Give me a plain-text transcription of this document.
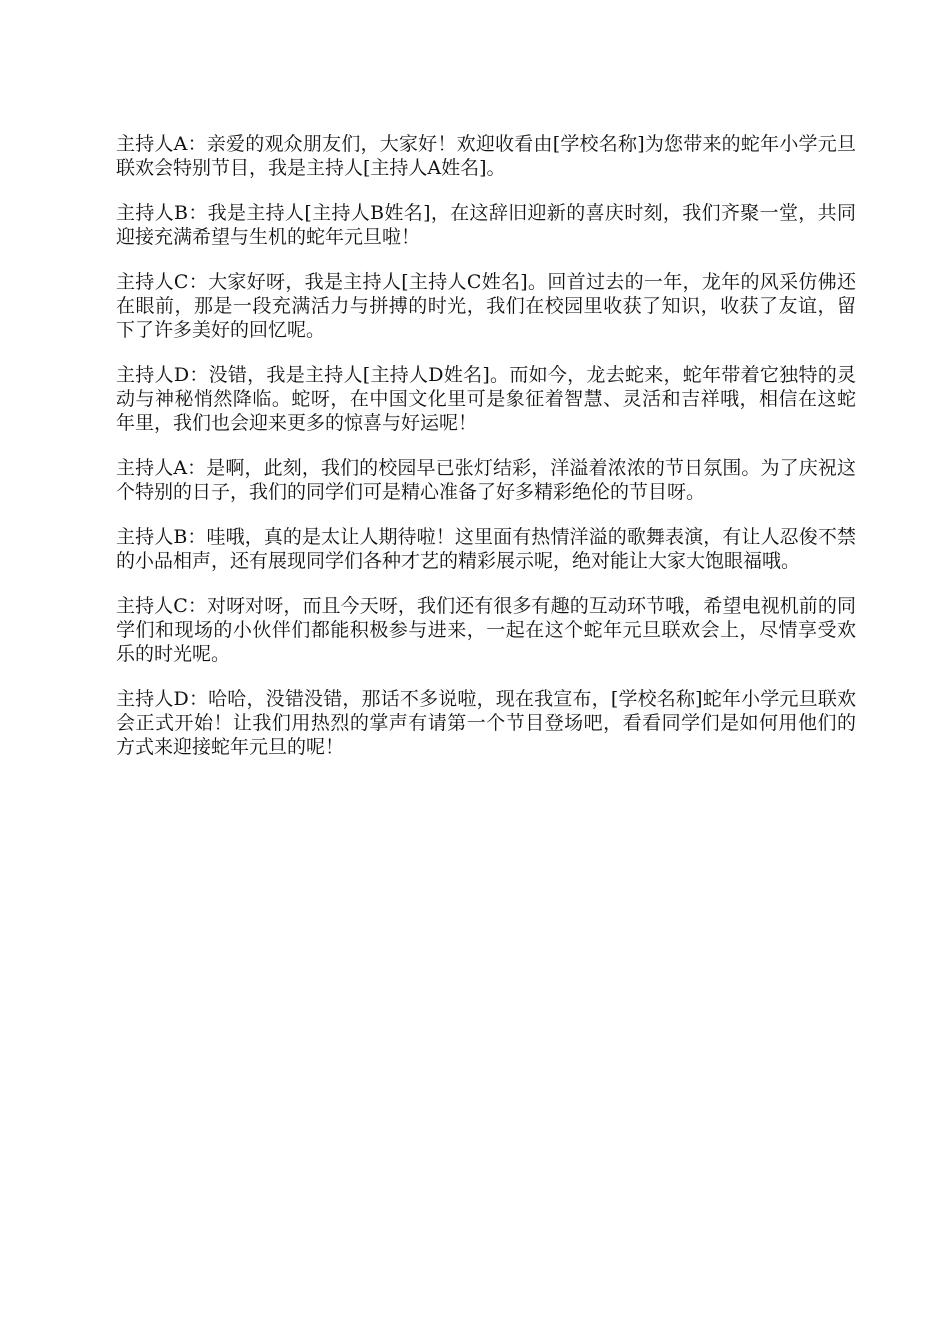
主持人A：亲爱的观众朋友们，大家好！欢迎收看由[学校名称]为您带来的蛇年小学元旦联欢会特别节目，我是主持人[主持人A姓名]。

主持人B：我是主持人[主持人B姓名]，在这辞旧迎新的喜庆时刻，我们齐聚一堂，共同迎接充满希望与生机的蛇年元旦啦！

主持人C：大家好呀，我是主持人[主持人C姓名]。回首过去的一年，龙年的风采仿佛还在眼前，那是一段充满活力与拼搏的时光，我们在校园里收获了知识，收获了友谊，留下了许多美好的回忆呢。

主持人D：没错，我是主持人[主持人D姓名]。而如今，龙去蛇来，蛇年带着它独特的灵动与神秘悄然降临。蛇呀，在中国文化里可是象征着智慧、灵活和吉祥哦，相信在这蛇年里，我们也会迎来更多的惊喜与好运呢！

主持人A：是啊，此刻，我们的校园早已张灯结彩，洋溢着浓浓的节日氛围。为了庆祝这个特别的日子，我们的同学们可是精心准备了好多精彩绝伦的节目呀。

主持人B：哇哦，真的是太让人期待啦！这里面有热情洋溢的歌舞表演，有让人忍俊不禁的小品相声，还有展现同学们各种才艺的精彩展示呢，绝对能让大家大饱眼福哦。

主持人C：对呀对呀，而且今天呀，我们还有很多有趣的互动环节哦，希望电视机前的同学们和现场的小伙伴们都能积极参与进来，一起在这个蛇年元旦联欢会上，尽情享受欢乐的时光呢。

主持人D：哈哈，没错没错，那话不多说啦，现在我宣布，[学校名称]蛇年小学元旦联欢会正式开始！让我们用热烈的掌声有请第一个节目登场吧，看看同学们是如何用他们的方式来迎接蛇年元旦的呢！
